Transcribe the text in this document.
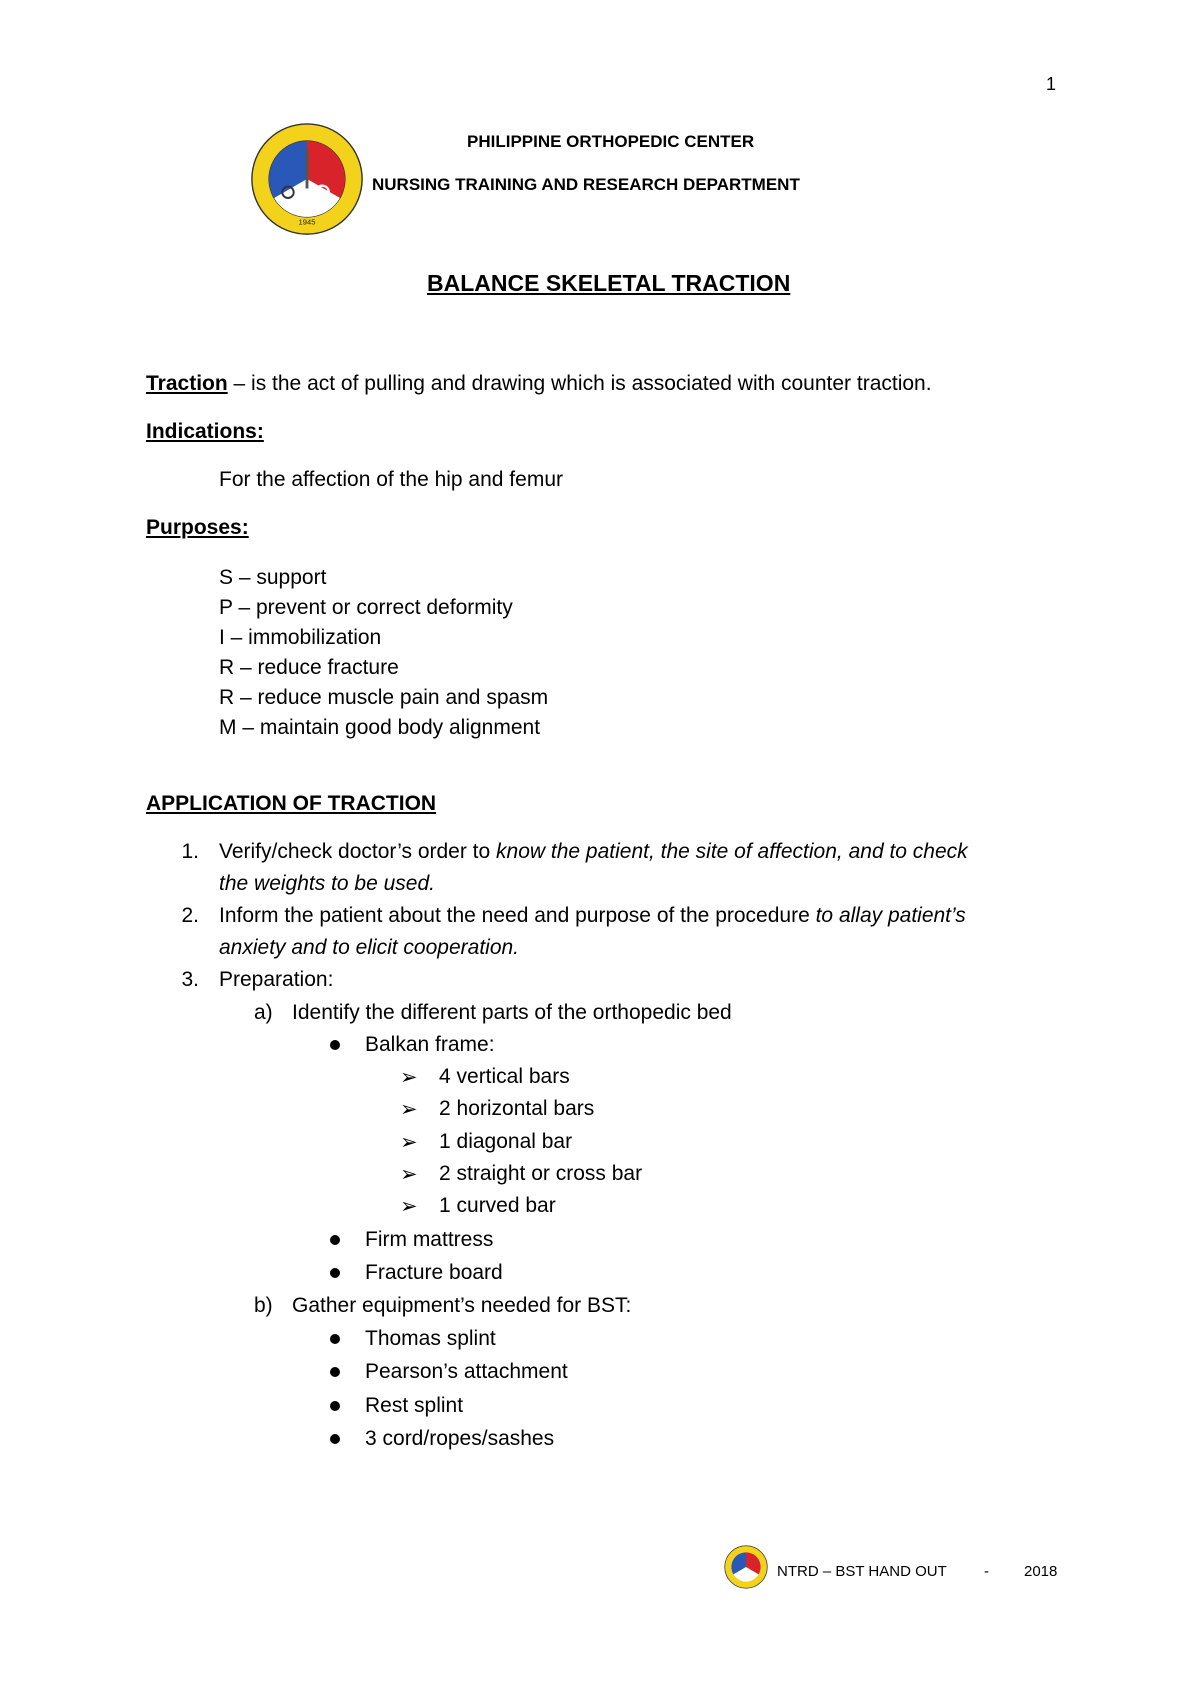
1
1945
PHILIPPINE ORTHOPEDIC CENTER
NURSING TRAINING AND RESEARCH DEPARTMENT
BALANCE SKELETAL TRACTION
Traction – is the act of pulling and drawing which is associated with counter traction.
Indications:
For the affection of the hip and femur
Purposes:
S – support
P – prevent or correct deformity
I – immobilization
R – reduce fracture
R – reduce muscle pain and spasm
M – maintain good body alignment
APPLICATION OF TRACTION
1. Verify/check doctor’s order to know the patient, the site of affection, and to check
the weights to be used.
2. Inform the patient about the need and purpose of the procedure to allay patient’s
anxiety and to elicit cooperation.
3. Preparation:
a) Identify the different parts of the orthopedic bed
Balkan frame:
➢ 4 vertical bars
➢ 2 horizontal bars
➢ 1 diagonal bar
➢ 2 straight or cross bar
➢ 1 curved bar
Firm mattress
Fracture board
b) Gather equipment’s needed for BST:
Thomas splint
Pearson’s attachment
Rest splint
3 cord/ropes/sashes
NTRD – BST HAND OUT - 2018
